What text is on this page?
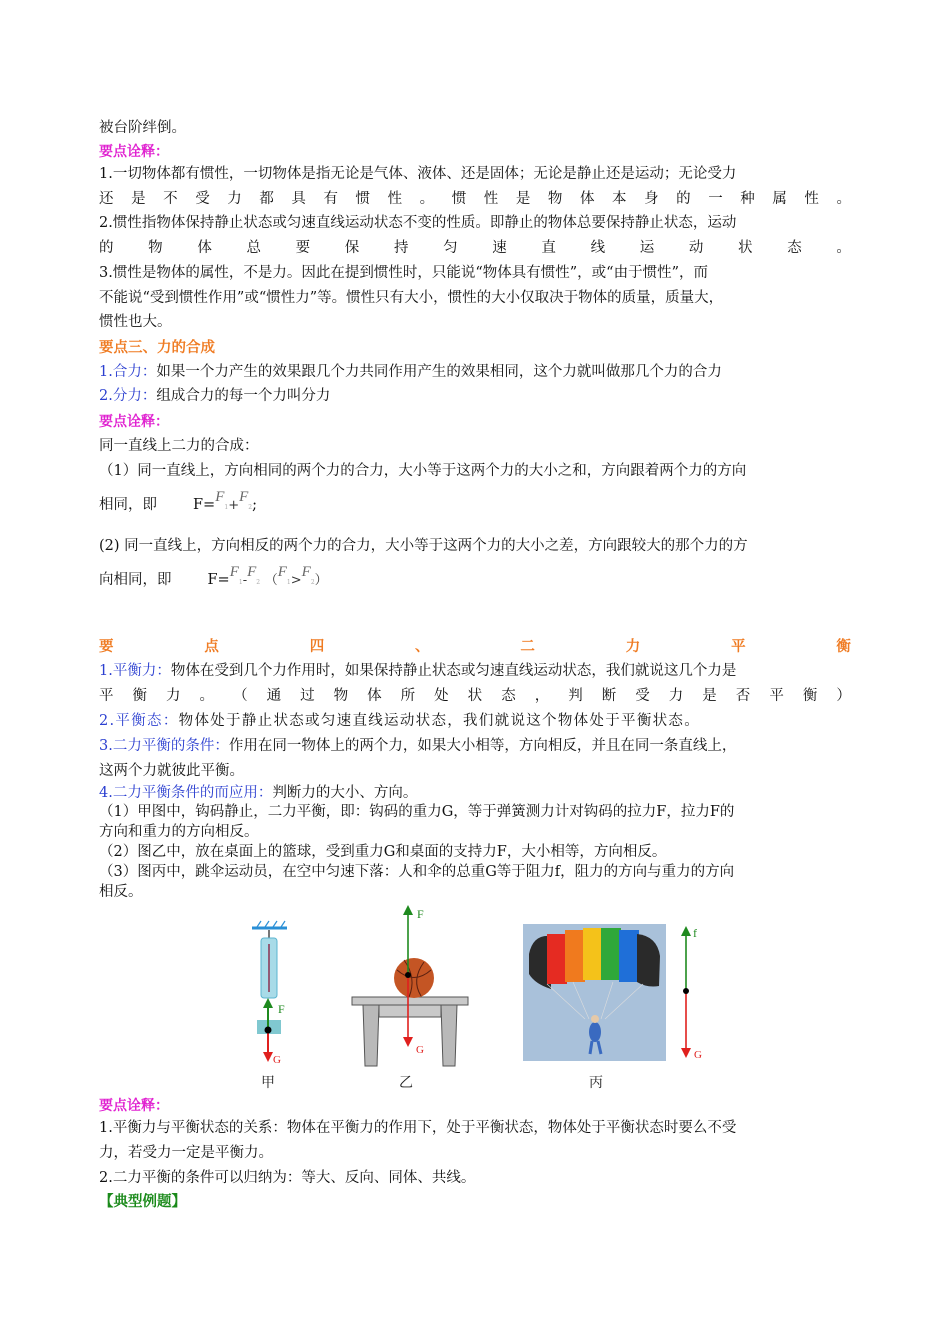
被台阶绊倒。
要点诠释：
1.一切物体都有惯性，一切物体是指无论是气体、液体、还是固体；无论是静止还是运动；无论受力
还 是 不 受 力 都 具 有 惯 性 。 惯 性 是 物 体 本 身 的 一 种 属 性 。
2.惯性指物体保持静止状态或匀速直线运动状态不变的性质。即静止的物体总要保持静止状态，运动
的 物 体 总 要 保 持 匀 速 直 线 运 动 状 态 。
3.惯性是物体的属性，不是力。因此在提到惯性时，只能说“物体具有惯性”，或“由于惯性”，而
不能说“受到惯性作用”或“惯性力”等。惯性只有大小，惯性的大小仅取决于物体的质量，质量大，
惯性也大。
要点三、力的合成
1.合力：如果一个力产生的效果跟几个力共同作用产生的效果相同，这个力就叫做那几个力的合力
2.分力：组成合力的每一个力叫分力
要点诠释：
同一直线上二力的合成：
（1）同一直线上，方向相同的两个力的合力，大小等于这两个力的大小之和，方向跟着两个力的方向
相同，即 F=F1+F2;
(2) 同一直线上，方向相反的两个力的合力，大小等于这两个力的大小之差，方向跟较大的那个力的方
向相同，即 F=F1-F2 （F1>F2）
要	点	四	、	二	力	平	衡
1.平衡力：物体在受到几个力作用时，如果保持静止状态或匀速直线运动状态，我们就说这几个力是
平 衡 力 。 （ 通 过 物 体 所 处 状 态 ， 判 断 受 力 是 否 平 衡 ）
2.平衡态：物体处于静止状态或匀速直线运动状态，我们就说这个物体处于平衡状态。
3.二力平衡的条件：作用在同一物体上的两个力，如果大小相等，方向相反，并且在同一条直线上，
这两个力就彼此平衡。
4.二力平衡条件的而应用：判断力的大小、方向。
（1）甲图中，钩码静止，二力平衡，即：钩码的重力G，等于弹簧测力计对钩码的拉力F，拉力F的
方向和重力的方向相反。
（2）图乙中，放在桌面上的篮球，受到重力G和桌面的支持力F，大小相等，方向相反。
（3）图丙中，跳伞运动员，在空中匀速下落：人和伞的总重G等于阻力f，阻力的方向与重力的方向
相反。
F
G
甲
F
G
乙
f
G
丙
要点诠释：
1.平衡力与平衡状态的关系：物体在平衡力的作用下，处于平衡状态，物体处于平衡状态时要么不受
力，若受力一定是平衡力。
2.二力平衡的条件可以归纳为：等大、反向、同体、共线。
【典型例题】
